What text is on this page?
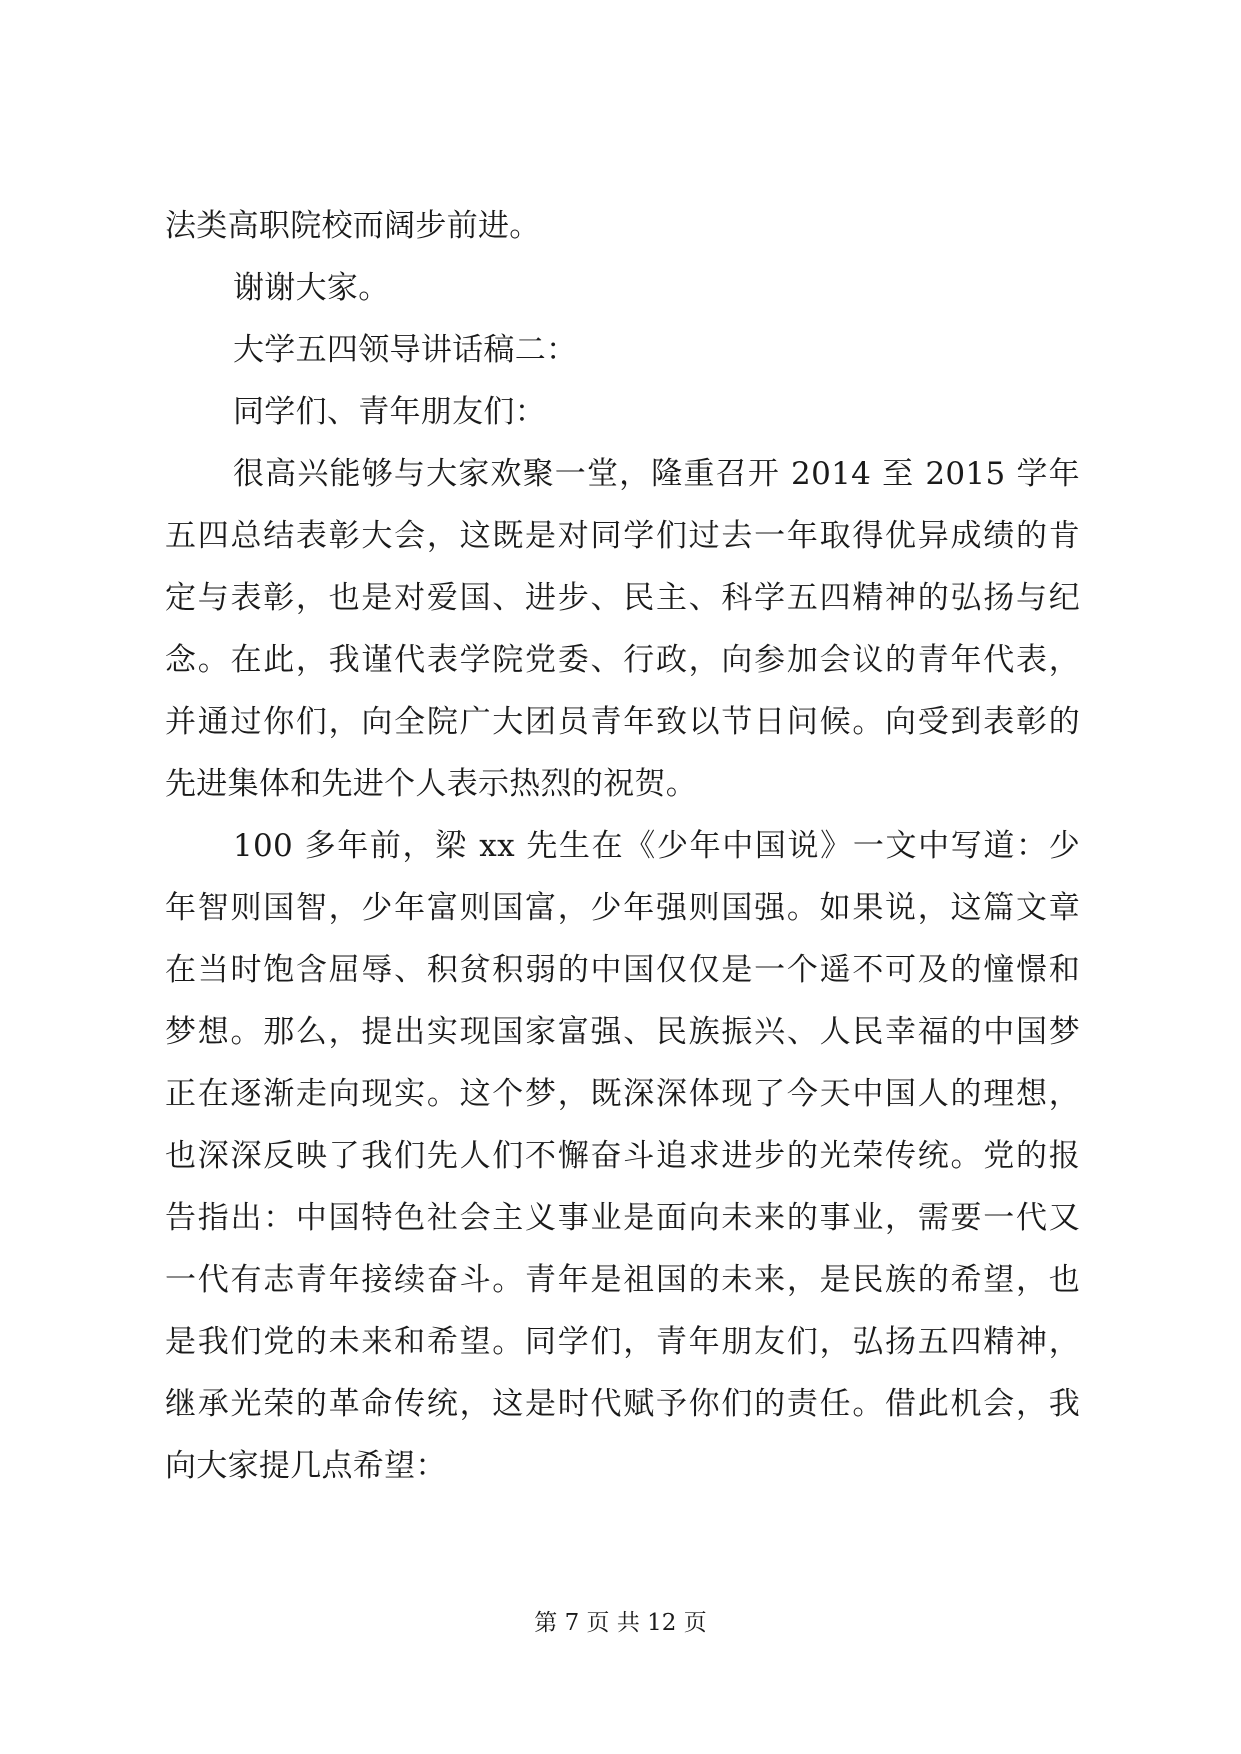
法类高职院校而阔步前进。
谢谢大家。
大学五四领导讲话稿二：
同学们、青年朋友们：
很高兴能够与大家欢聚一堂，隆重召开 2014 至 2015 学年
五四总结表彰大会，这既是对同学们过去一年取得优异成绩的肯
定与表彰，也是对爱国、进步、民主、科学五四精神的弘扬与纪
念。在此，我谨代表学院党委、行政，向参加会议的青年代表，
并通过你们，向全院广大团员青年致以节日问候。向受到表彰的
先进集体和先进个人表示热烈的祝贺。
100 多年前，梁 xx 先生在《少年中国说》一文中写道：少
年智则国智，少年富则国富，少年强则国强。如果说，这篇文章
在当时饱含屈辱、积贫积弱的中国仅仅是一个遥不可及的憧憬和
梦想。那么，提出实现国家富强、民族振兴、人民幸福的中国梦
正在逐渐走向现实。这个梦，既深深体现了今天中国人的理想，
也深深反映了我们先人们不懈奋斗追求进步的光荣传统。党的报
告指出：中国特色社会主义事业是面向未来的事业，需要一代又
一代有志青年接续奋斗。青年是祖国的未来，是民族的希望，也
是我们党的未来和希望。同学们，青年朋友们，弘扬五四精神，
继承光荣的革命传统，这是时代赋予你们的责任。借此机会，我
向大家提几点希望：
第 7 页 共 12 页
